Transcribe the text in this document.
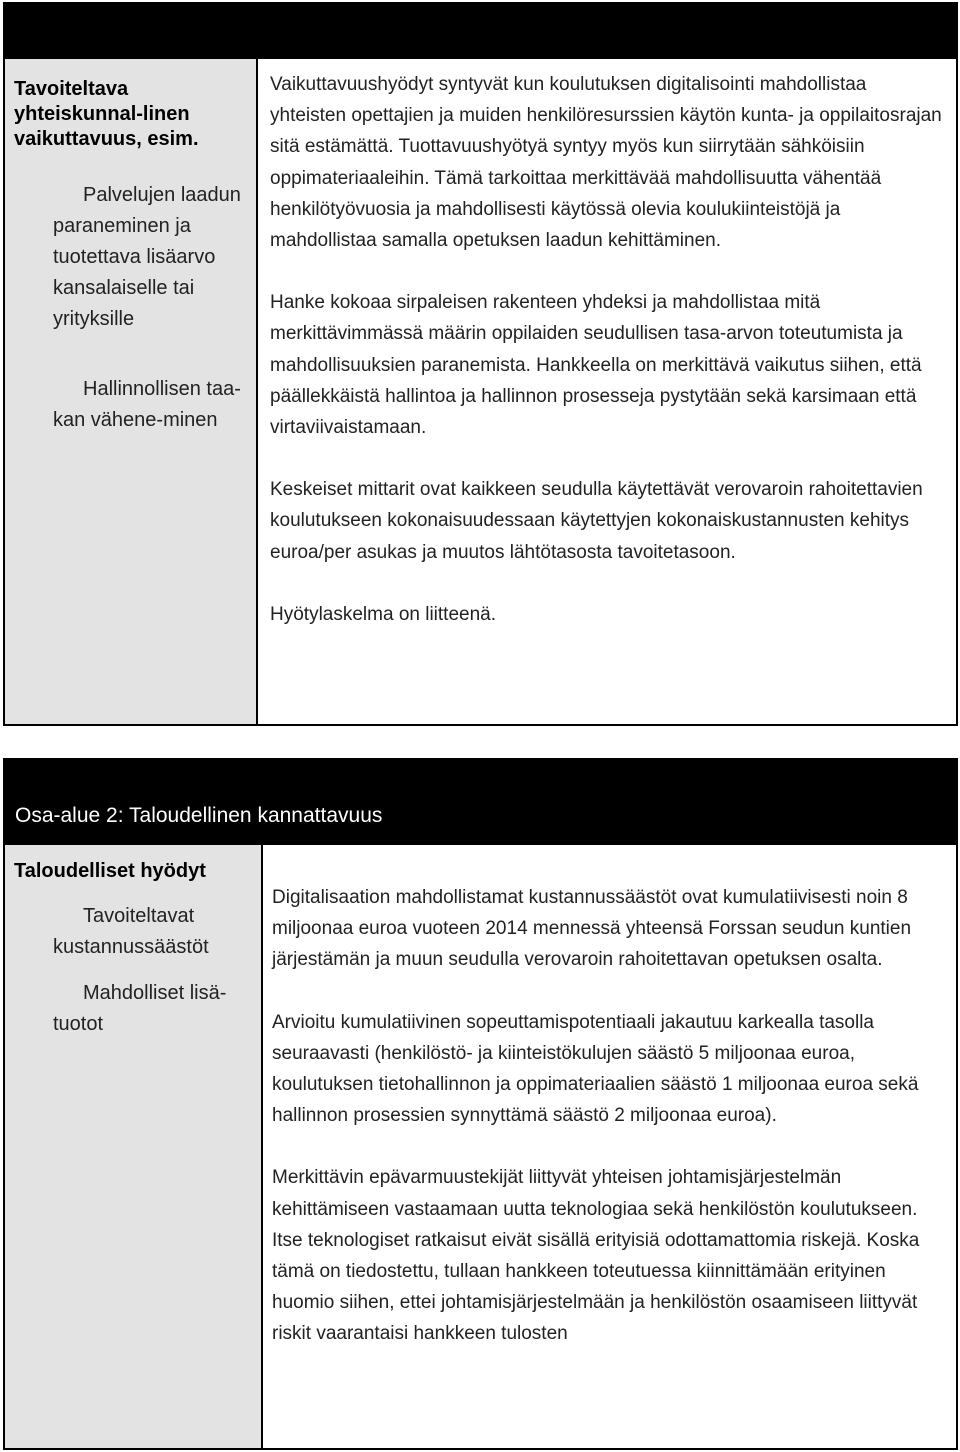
Tavoiteltava yhteiskunnal-linen vaikuttavuus, esim.
Palvelujen laadun paraneminen ja tuotettava lisäarvo kansalaiselle tai yrityksille
Hallinnollisen taa-kan vähene-minen

Vaikuttavuushyödyt syntyvät kun koulutuksen digitalisointi mahdollistaa yhteisten opettajien ja muiden henkilöresurssien käytön kunta- ja oppilaitosrajan sitä estämättä. Tuottavuushyötyä syntyy myös kun siirrytään sähköisiin oppimateriaaleihin. Tämä tarkoittaa merkittävää mahdollisuutta vähentää henkilötyövuosia ja mahdollisesti käytössä olevia koulukiinteistöjä ja mahdollistaa samalla opetuksen laadun kehittäminen.

Hanke kokoaa sirpaleisen rakenteen yhdeksi ja mahdollistaa mitä merkittävimmässä määrin oppilaiden seudullisen tasa-arvon toteutumista ja mahdollisuuksien paranemista. Hankkeella on merkittävä vaikutus siihen, että päällekkäistä hallintoa ja hallinnon prosesseja pystytään sekä karsimaan että virtaviivaistamaan.

Keskeiset mittarit ovat kaikkeen seudulla käytettävät verovaroin rahoitettavien koulutukseen kokonaisuudessaan käytettyjen kokonaiskustannusten kehitys euroa/per asukas ja muutos lähtötasosta tavoitetasoon.

Hyötylaskelma on liitteenä.

Osa-alue 2: Taloudellinen kannattavuus
Taloudelliset hyödyt
Tavoiteltavat kustannussäästöt
Mahdolliset lisä-tuotot

Digitalisaation mahdollistamat kustannussäästöt ovat kumulatiivisesti noin 8 miljoonaa euroa vuoteen 2014 mennessä yhteensä Forssan seudun kuntien järjestämän ja muun seudulla verovaroin rahoitettavan opetuksen osalta.

Arvioitu kumulatiivinen sopeuttamispotentiaali jakautuu karkealla tasolla seuraavasti (henkilöstö- ja kiinteistökulujen säästö 5 miljoonaa euroa, koulutuksen tietohallinnon ja oppimateriaalien säästö 1 miljoonaa euroa sekä hallinnon prosessien synnyttämä säästö 2 miljoonaa euroa).

Merkittävin epävarmuustekijät liittyvät yhteisen johtamisjärjestelmän kehittämiseen vastaamaan uutta teknologiaa sekä henkilöstön koulutukseen. Itse teknologiset ratkaisut eivät sisällä erityisiä odottamattomia riskejä. Koska tämä on tiedostettu, tullaan hankkeen toteutuessa kiinnittämään erityinen huomio siihen, ettei johtamisjärjestelmään ja henkilöstön osaamiseen liittyvät riskit vaarantaisi hankkeen tulosten
